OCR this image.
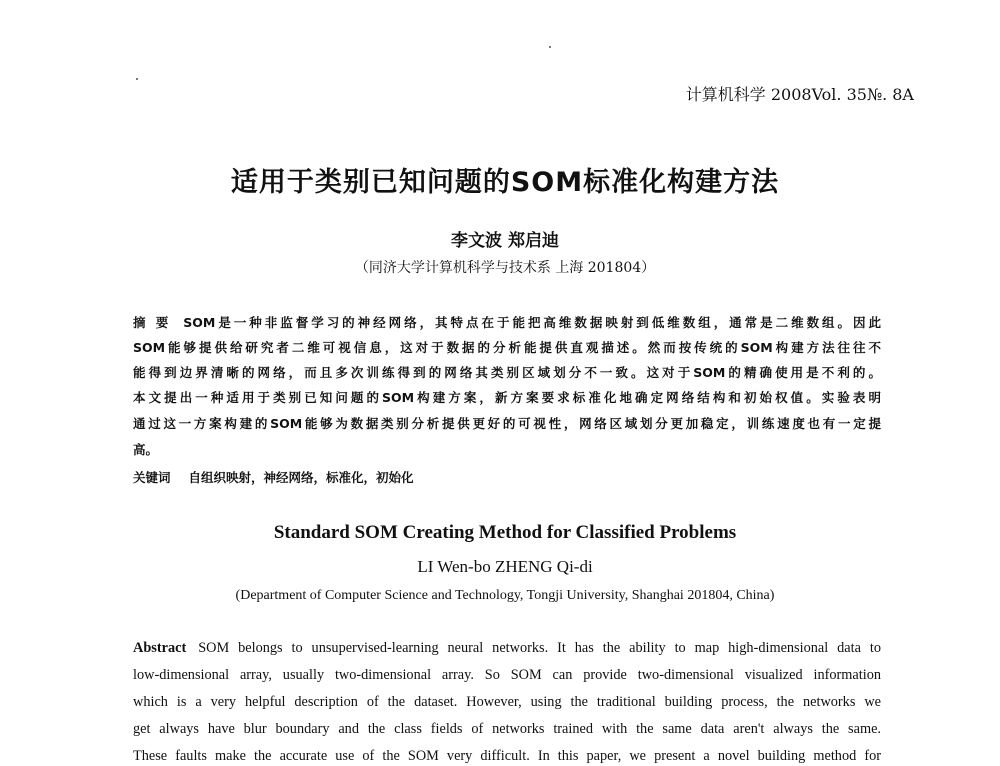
计算机科学 2008Vol. 35№. 8A
适用于类别已知问题的SOM标准化构建方法
李文波 郑启迪
（同济大学计算机科学与技术系 上海 201804）
摘 要 SOM是一种非监督学习的神经网络，其特点在于能把高维数据映射到低维数组，通常是二维数组。因此
SOM能够提供给研究者二维可视信息，这对于数据的分析能提供直观描述。然而按传统的SOM构建方法往往不
能得到边界清晰的网络，而且多次训练得到的网络其类别区域划分不一致。这对于SOM的精确使用是不利的。
本文提出一种适用于类别已知问题的SOM构建方案，新方案要求标准化地确定网络结构和初始权值。实验表明
通过这一方案构建的SOM能够为数据类别分析提供更好的可视性，网络区域划分更加稳定，训练速度也有一定提
高。
关键词 自组织映射，神经网络，标准化，初始化
Standard SOM Creating Method for Classified Problems
LI Wen-bo ZHENG Qi-di
(Department of Computer Science and Technology, Tongji University, Shanghai 201804, China)
Abstract SOM belongs to unsupervised-learning neural networks. It has the ability to map high-dimensional data to
low-dimensional array, usually two-dimensional array. So SOM can provide two-dimensional visualized information
which is a very helpful description of the dataset. However, using the traditional building process, the networks we
get always have blur boundary and the class fields of networks trained with the same data aren't always the same.
These faults make the accurate use of the SOM very difficult. In this paper, we present a novel building method for
